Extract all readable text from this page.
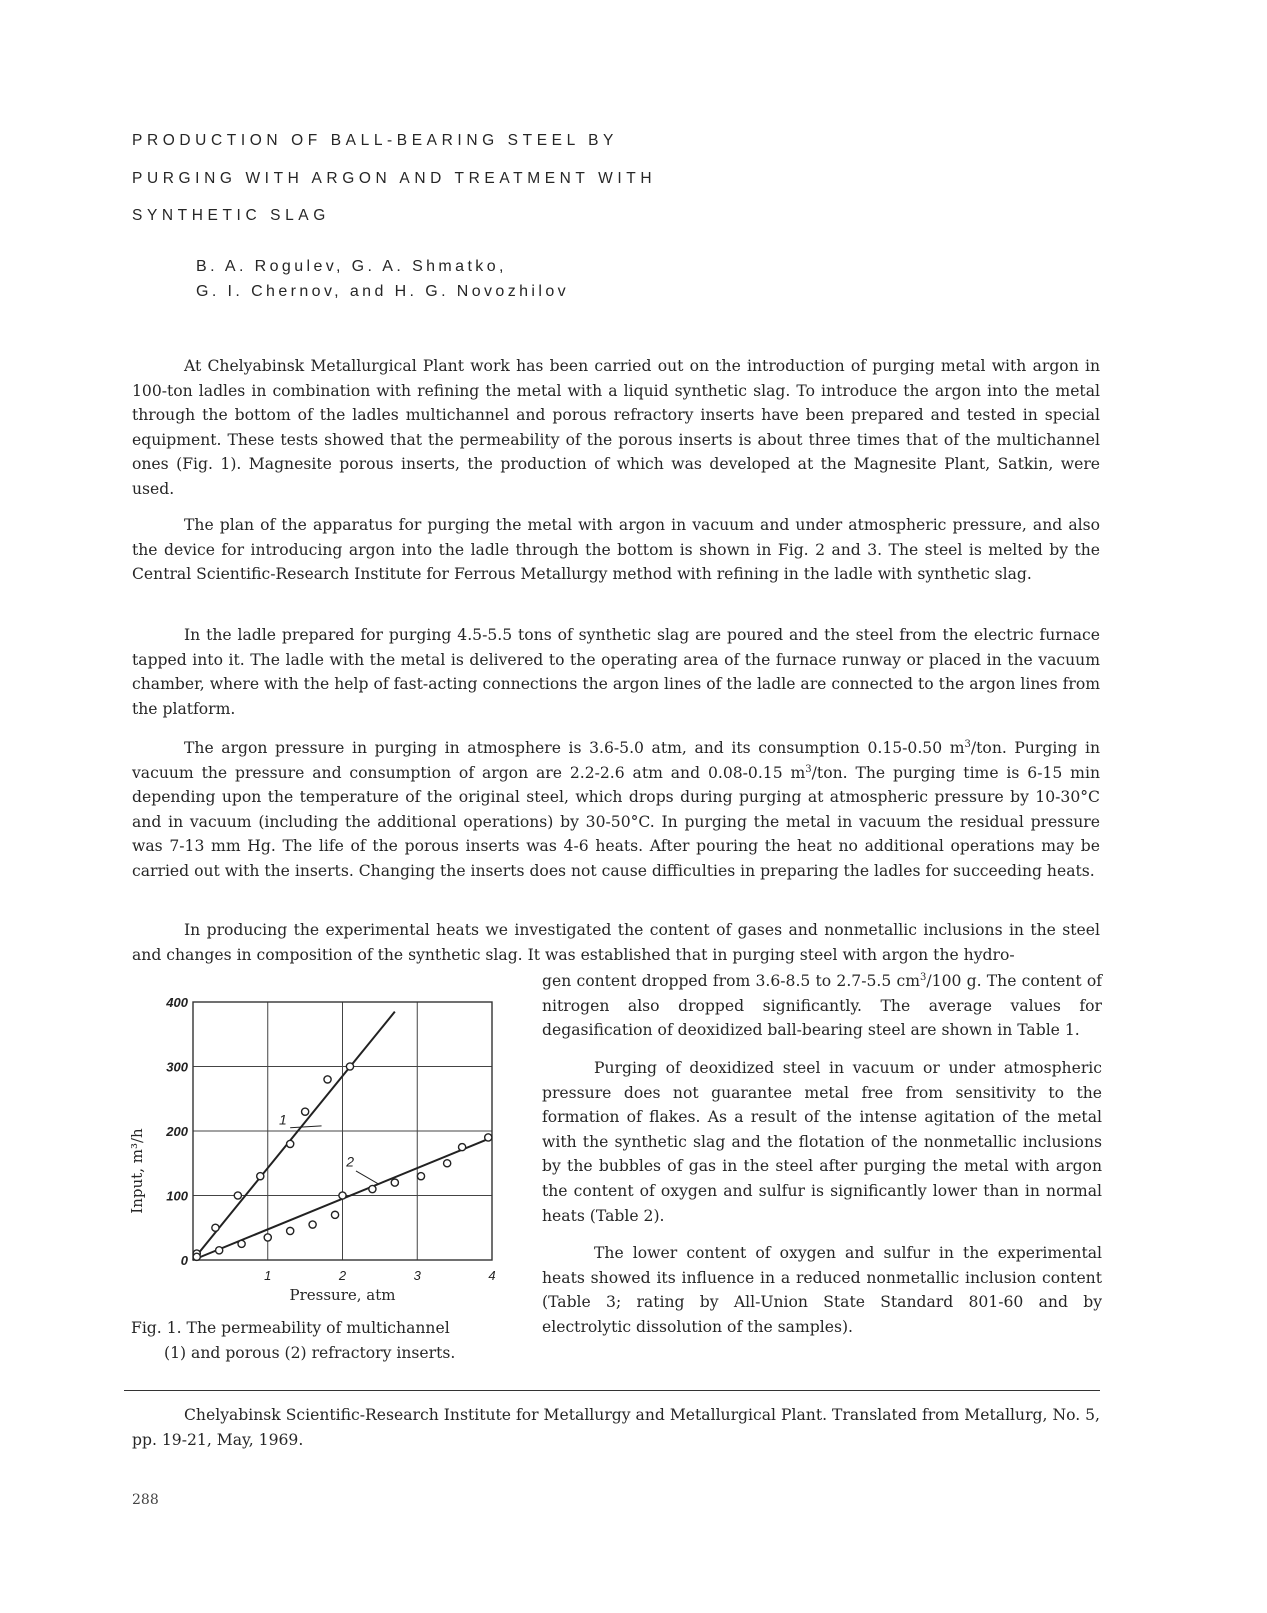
PRODUCTION OF BALL-BEARING STEEL BY
PURGING WITH ARGON AND TREATMENT WITH
SYNTHETIC SLAG
B. A. Rogulev, G. A. Shmatko,
G. I. Chernov, and H. G. Novozhilov

At Chelyabinsk Metallurgical Plant work has been carried out on the introduction of purging metal with argon in 100-ton ladles in combination with refining the metal with a liquid synthetic slag. To introduce the argon into the metal through the bottom of the ladles multichannel and porous refractory inserts have been prepared and tested in special equipment. These tests showed that the permeability of the porous inserts is about three times that of the multichannel ones (Fig. 1). Magnesite porous inserts, the production of which was developed at the Magnesite Plant, Satkin, were used.

The plan of the apparatus for purging the metal with argon in vacuum and under atmospheric pressure, and also the device for introducing argon into the ladle through the bottom is shown in Fig. 2 and 3. The steel is melted by the Central Scientific-Research Institute for Ferrous Metallurgy method with refining in the ladle with synthetic slag.

In the ladle prepared for purging 4.5-5.5 tons of synthetic slag are poured and the steel from the electric furnace tapped into it. The ladle with the metal is delivered to the operating area of the furnace runway or placed in the vacuum chamber, where with the help of fast-acting connections the argon lines of the ladle are connected to the argon lines from the platform.

The argon pressure in purging in atmosphere is 3.6-5.0 atm, and its consumption 0.15-0.50 $m^3$/ton. Purging in vacuum the pressure and consumption of argon are 2.2-2.6 atm and 0.08-0.15 $m^3$/ton. The purging time is 6-15 min depending upon the temperature of the original steel, which drops during purging at atmospheric pressure by 10-30°C and in vacuum (including the additional operations) by 30-50°C. In purging the metal in vacuum the residual pressure was 7-13 mm Hg. The life of the porous inserts was 4-6 heats. After pouring the heat no additional operations may be carried out with the inserts. Changing the inserts does not cause difficulties in preparing the ladles for succeeding heats.

In producing the experimental heats we investigated the content of gases and nonmetallic inclusions in the steel and changes in composition of the synthetic slag. It was established that in purging steel with argon the hydro-

gen content dropped from 3.6-8.5 to 2.7-5.5 $cm^3/100$ g. The content of nitrogen also dropped significantly. The average values for degasification of deoxidized ball-bearing steel are shown in Table 1.

Purging of deoxidized steel in vacuum or under atmospheric pressure does not guarantee metal free from sensitivity to the formation of flakes. As a result of the intense agitation of the metal with the synthetic slag and the flotation of the nonmetallic inclusions by the bubbles of gas in the steel after purging the metal with argon the content of oxygen and sulfur is significantly lower than in normal heats (Table 2).

The lower content of oxygen and sulfur in the experimental heats showed its influence in a reduced nonmetallic inclusion content (Table 3; rating by All-Union State Standard 801-60 and by electrolytic dissolution of the samples).

1	2	3	4
0
100
200
300
400
1
2
Pressure, atm
Input, m³/h

Fig. 1. The permeability of multichannel
(1) and porous (2) refractory inserts.

Chelyabinsk Scientific-Research Institute for Metallurgy and Metallurgical Plant. Translated from Metallurg, No. 5, pp. 19-21, May, 1969.

288
